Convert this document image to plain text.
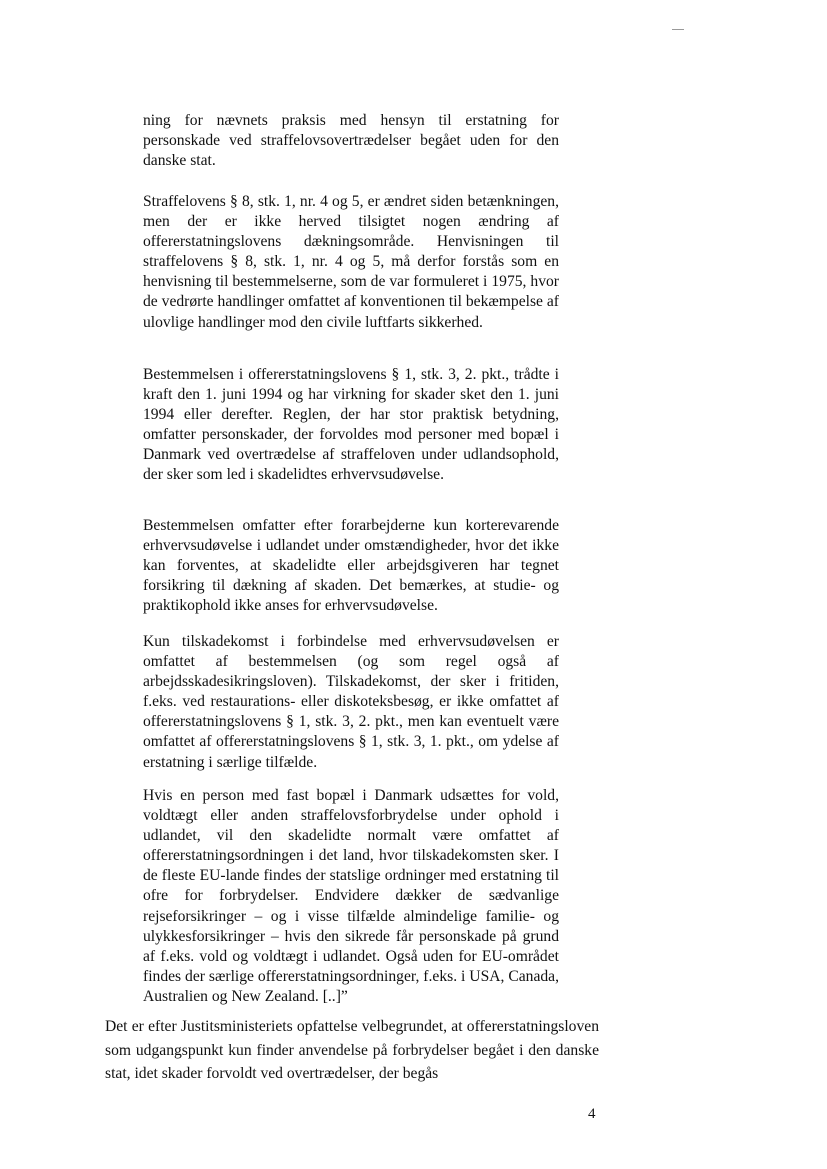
ning for nævnets praksis med hensyn til erstatning for personskade ved straffelovsovertrædelser begået uden for den danske stat.

Straffelovens § 8, stk. 1, nr. 4 og 5, er ændret siden betænkningen, men der er ikke herved tilsigtet nogen ændring af offererstatningslovens dækningsområde. Henvisningen til straffelovens § 8, stk. 1, nr. 4 og 5, må derfor forstås som en henvisning til bestemmelserne, som de var formuleret i 1975, hvor de vedrørte handlinger omfattet af konventionen til bekæmpelse af ulovlige handlinger mod den civile luftfarts sikkerhed.

Bestemmelsen i offererstatningslovens § 1, stk. 3, 2. pkt., trådte i kraft den 1. juni 1994 og har virkning for skader sket den 1. juni 1994 eller derefter. Reglen, der har stor praktisk betydning, omfatter personskader, der forvoldes mod personer med bopæl i Danmark ved overtrædelse af straffeloven under udlandsophold, der sker som led i skadelidtes erhvervsudøvelse.

Bestemmelsen omfatter efter forarbejderne kun korterevarende erhvervsudøvelse i udlandet under omstændigheder, hvor det ikke kan forventes, at skadelidte eller arbejdsgiveren har tegnet forsikring til dækning af skaden. Det bemærkes, at studie- og praktikophold ikke anses for erhvervsudøvelse.

Kun tilskadekomst i forbindelse med erhvervsudøvelsen er omfattet af bestemmelsen (og som regel også af arbejdsskadesikringsloven). Tilskadekomst, der sker i fritiden, f.eks. ved restaurations- eller diskoteksbesøg, er ikke omfattet af offererstatningslovens § 1, stk. 3, 2. pkt., men kan eventuelt være omfattet af offererstatningslovens § 1, stk. 3, 1. pkt., om ydelse af erstatning i særlige tilfælde.

Hvis en person med fast bopæl i Danmark udsættes for vold, voldtægt eller anden straffelovsforbrydelse under ophold i udlandet, vil den skadelidte normalt være omfattet af offererstatningsordningen i det land, hvor tilskadekomsten sker. I de fleste EU-lande findes der statslige ordninger med erstatning til ofre for forbrydelser. Endvidere dækker de sædvanlige rejseforsikringer – og i visse tilfælde almindelige familie- og ulykkesforsikringer – hvis den sikrede får personskade på grund af f.eks. vold og voldtægt i udlandet. Også uden for EU-området findes der særlige offererstatningsordninger, f.eks. i USA, Canada, Australien og New Zealand. [..]”

Det er efter Justitsministeriets opfattelse velbegrundet, at offererstatningsloven som udgangspunkt kun finder anvendelse på forbrydelser begået i den danske stat, idet skader forvoldt ved overtrædelser, der begås

4
